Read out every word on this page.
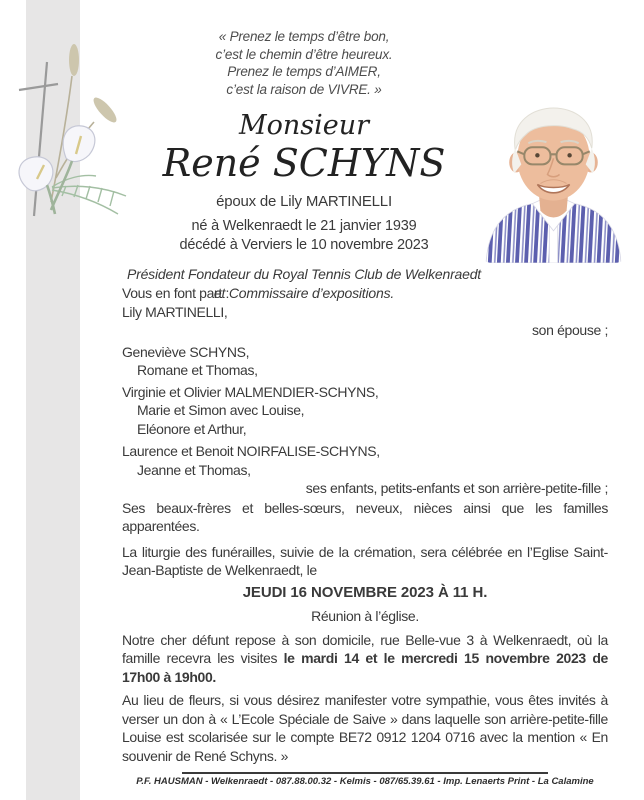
« Prenez le temps d’être bon,
c’est le chemin d’être heureux.
Prenez le temps d’AIMER,
c’est la raison de VIVRE. »
Monsieur
René SCHYNS
époux de Lily MARTINELLI
né à Welkenraedt le 21 janvier 1939
décédé à Verviers le 10 novembre 2023
Président Fondateur du Royal Tennis Club de Welkenraedt
et Commissaire d’expositions.

Vous en font part :

Lily MARTINELLI,
son épouse ;
Geneviève SCHYNS,
Romane et Thomas,
Virginie et Olivier MALMENDIER-SCHYNS,
Marie et Simon avec Louise,
Eléonore et Arthur,
Laurence et Benoit NOIRFALISE-SCHYNS,
Jeanne et Thomas,
ses enfants, petits-enfants et son arrière-petite-fille ;

Ses beaux-frères et belles-sœurs, neveux, nièces ainsi que les familles apparentées.

La liturgie des funérailles, suivie de la crémation, sera célébrée en l’Eglise Saint-Jean-Baptiste de Welkenraedt, le

JEUDI 16 NOVEMBRE 2023 À 11 H.

Réunion à l’église.

Notre cher défunt repose à son domicile, rue Belle-vue 3 à Welkenraedt, où la famille recevra les visites le mardi 14 et le mercredi 15 novembre 2023 de 17h00 à 19h00.

Au lieu de fleurs, si vous désirez manifester votre sympathie, vous êtes invités à verser un don à « L’Ecole Spéciale de Saive » dans laquelle son arrière-petite-fille Louise est scolarisée sur le compte BE72 0912 1204 0716 avec la mention « En souvenir de René Schyns. »

P.F. HAUSMAN - Welkenraedt - 087.88.00.32 - Kelmis - 087/65.39.61 - Imp. Lenaerts Print - La Calamine
